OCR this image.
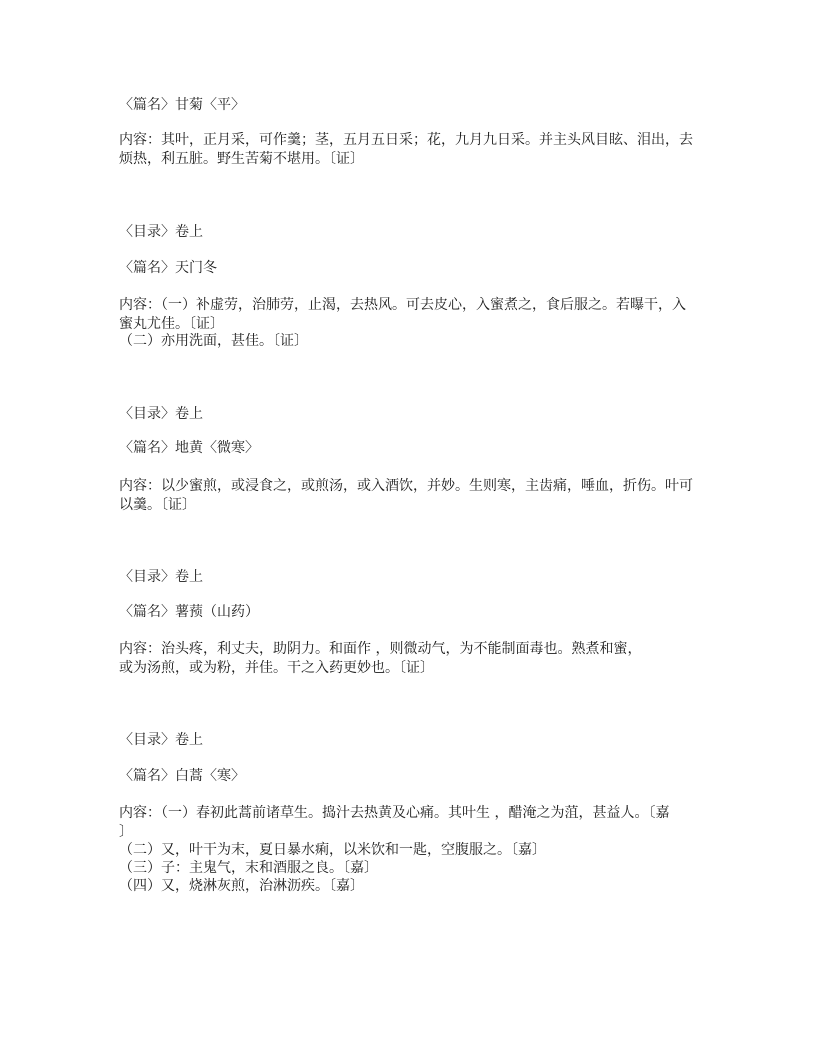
〈篇名〉甘菊〈平〉
内容：其叶，正月采，可作羹；茎，五月五日采；花，九月九日采。并主头风目眩、泪出，去
烦热，利五脏。野生苦菊不堪用。〔证〕
〈目录〉卷上
〈篇名〉天门冬
内容：（一）补虚劳，治肺劳，止渴，去热风。可去皮心，入蜜煮之，食后服之。若曝干，入
蜜丸尤佳。〔证〕
（二）亦用洗面，甚佳。〔证〕
〈目录〉卷上
〈篇名〉地黄〈微寒〉
内容：以少蜜煎，或浸食之，或煎汤，或入酒饮，并妙。生则寒，主齿痛，唾血，折伤。叶可
以羹。〔证〕
〈目录〉卷上
〈篇名〉薯蓣（山药）
内容：治头疼，利丈夫，助阴力。和面作 ，则微动气，为不能制面毒也。熟煮和蜜，
或为汤煎，或为粉，并佳。干之入药更妙也。〔证〕
〈目录〉卷上
〈篇名〉白蒿〈寒〉
内容：（一）春初此蒿前诸草生。捣汁去热黄及心痛。其叶生 ，醋淹之为菹，甚益人。〔嘉
〕
（二）又，叶干为末，夏日暴水痢，以米饮和一匙，空腹服之。〔嘉〕
（三）子：主鬼气，末和酒服之良。〔嘉〕
（四）又，烧淋灰煎，治淋沥疾。〔嘉〕
